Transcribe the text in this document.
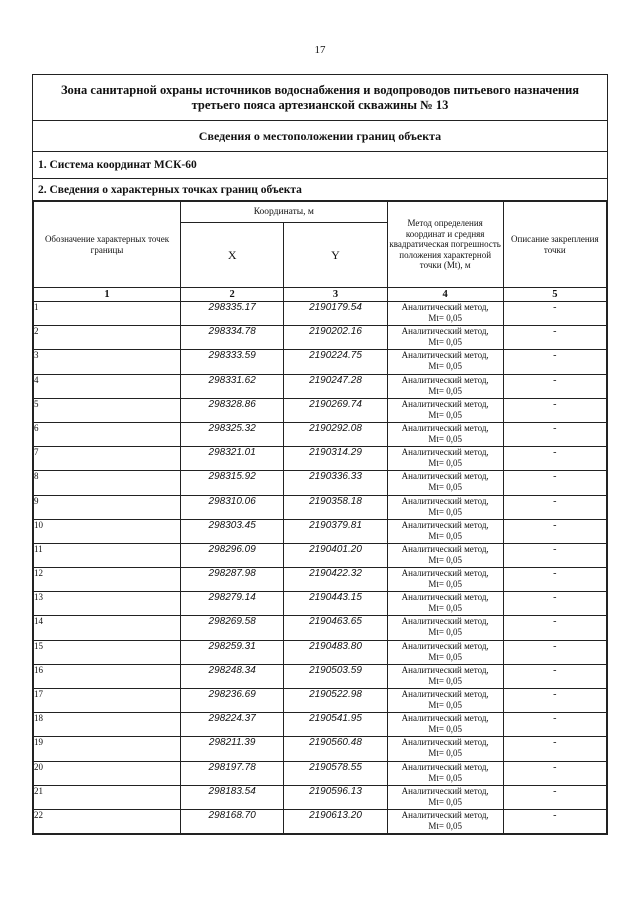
17
Зона санитарной охраны источников водоснабжения и водопроводов питьевого назначения третьего пояса артезианской скважины № 13
Сведения о местоположении границ объекта
1. Система координат МСК-60
2. Сведения о характерных точках границ объекта
Обозначение характерных точек границы	Координаты, м		Метод определения координат и средняя квадратическая погрешность положения характерной точки (Mt), м	Описание закрепления точки
	X	Y		
1	2	3	4	5
1	298335.17	2190179.54	Аналитический метод,
Mt= 0,05	-
2	298334.78	2190202.16	Аналитический метод,
Mt= 0,05	-
3	298333.59	2190224.75	Аналитический метод,
Mt= 0,05	-
4	298331.62	2190247.28	Аналитический метод,
Mt= 0,05	-
5	298328.86	2190269.74	Аналитический метод,
Mt= 0,05	-
6	298325.32	2190292.08	Аналитический метод,
Mt= 0,05	-
7	298321.01	2190314.29	Аналитический метод,
Mt= 0,05	-
8	298315.92	2190336.33	Аналитический метод,
Mt= 0,05	-
9	298310.06	2190358.18	Аналитический метод,
Mt= 0,05	-
10	298303.45	2190379.81	Аналитический метод,
Mt= 0,05	-
11	298296.09	2190401.20	Аналитический метод,
Mt= 0,05	-
12	298287.98	2190422.32	Аналитический метод,
Mt= 0,05	-
13	298279.14	2190443.15	Аналитический метод,
Mt= 0,05	-
14	298269.58	2190463.65	Аналитический метод,
Mt= 0,05	-
15	298259.31	2190483.80	Аналитический метод,
Mt= 0,05	-
16	298248.34	2190503.59	Аналитический метод,
Mt= 0,05	-
17	298236.69	2190522.98	Аналитический метод,
Mt= 0,05	-
18	298224.37	2190541.95	Аналитический метод,
Mt= 0,05	-
19	298211.39	2190560.48	Аналитический метод,
Mt= 0,05	-
20	298197.78	2190578.55	Аналитический метод,
Mt= 0,05	-
21	298183.54	2190596.13	Аналитический метод,
Mt= 0,05	-
22	298168.70	2190613.20	Аналитический метод,
Mt= 0,05	-
